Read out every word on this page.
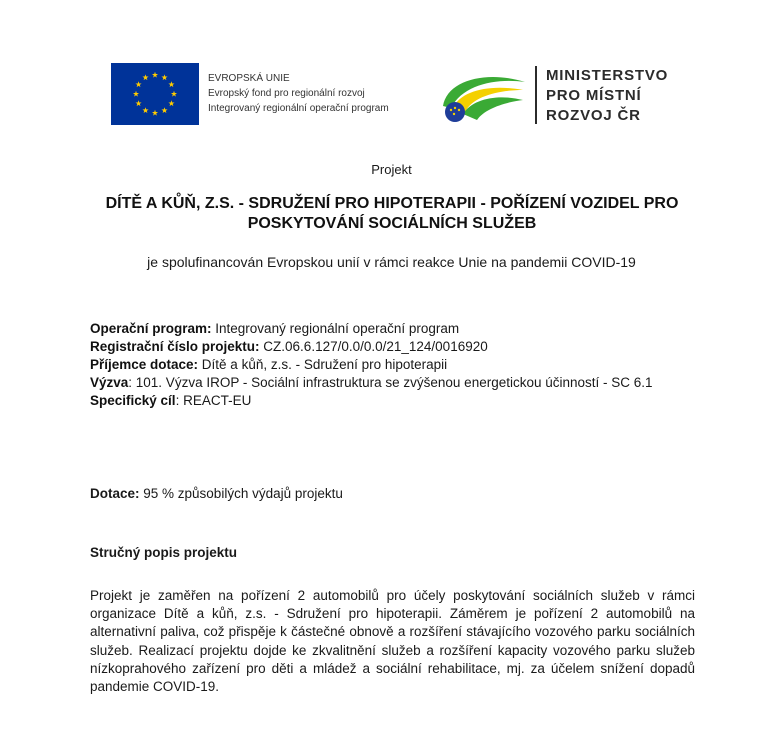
EVROPSKÁ UNIE
Evropský fond pro regionální rozvoj
Integrovaný regionální operační program
MINISTERSTVO
PRO MÍSTNÍ
ROZVOJ ČR
Projekt
DÍTĚ A KŮŇ, Z.S. - SDRUŽENÍ PRO HIPOTERAPII - POŘÍZENÍ VOZIDEL PRO POSKYTOVÁNÍ SOCIÁLNÍCH SLUŽEB
je spolufinancován Evropskou unií v rámci reakce Unie na pandemii COVID-19

Operační program: Integrovaný regionální operační program

Registrační číslo projektu: CZ.06.6.127/0.0/0.0/21_124/0016920

Příjemce dotace: Dítě a kůň, z.s. - Sdružení pro hipoterapii

Výzva: 101. Výzva IROP - Sociální infrastruktura se zvýšenou energetickou účinností - SC 6.1

Specifický cíl: REACT-EU

Dotace: 95 % způsobilých výdajů projektu
Stručný popis projektu
Projekt je zaměřen na pořízení 2 automobilů pro účely poskytování sociálních služeb v rámci organizace Dítě a kůň, z.s. - Sdružení pro hipoterapii. Záměrem je pořízení 2 automobilů na alternativní paliva, což přispěje k částečné obnově a rozšíření stávajícího vozového parku sociálních služeb. Realizací projektu dojde ke zkvalitnění služeb a rozšíření kapacity vozového parku služeb nízkoprahového zařízení pro děti a mládež a sociální rehabilitace, mj. za účelem snížení dopadů pandemie COVID-19.
